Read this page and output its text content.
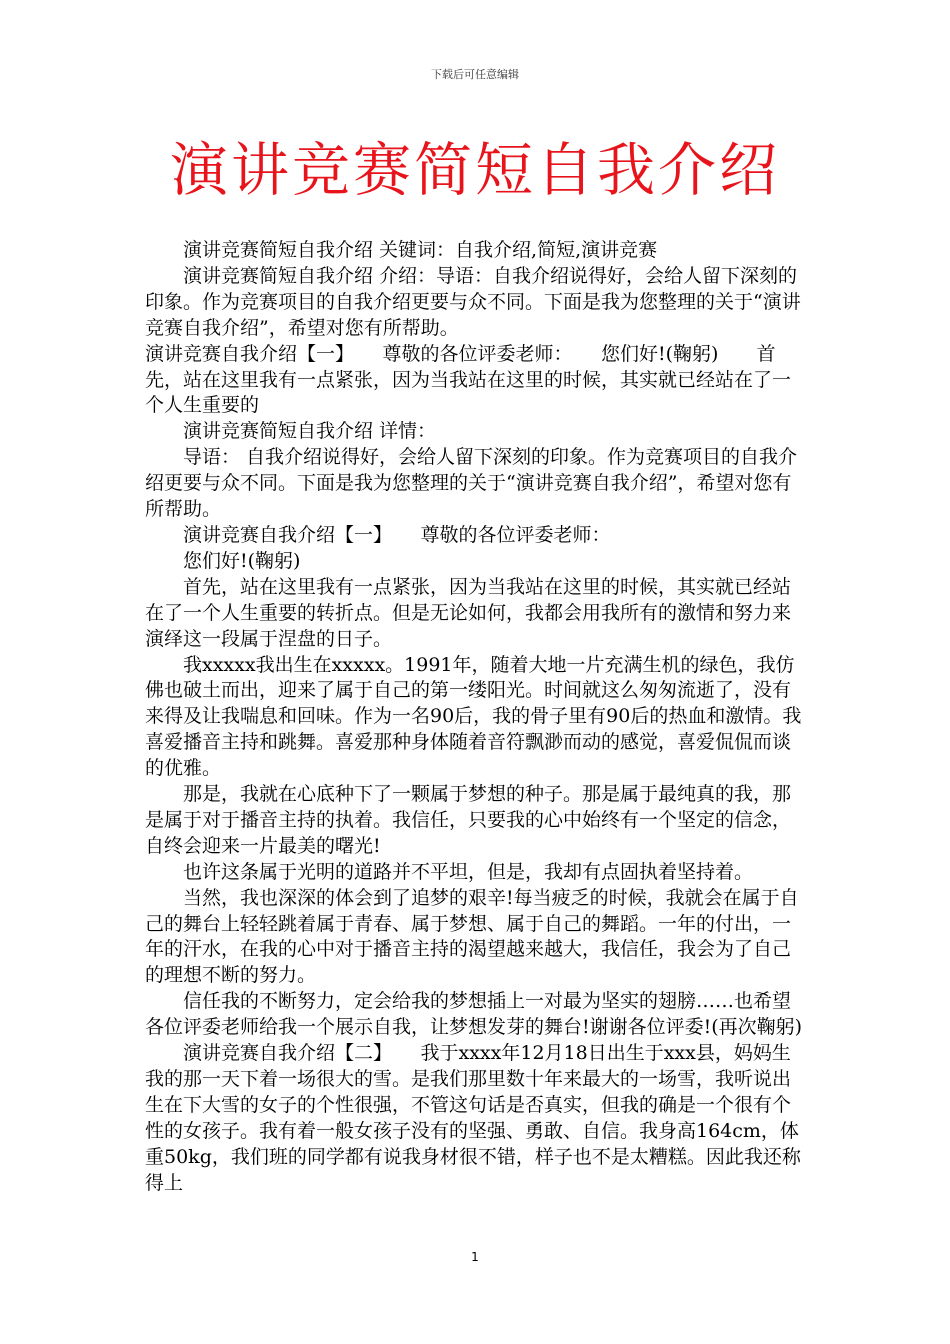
下载后可任意编辑
演讲竞赛简短自我介绍

演讲竞赛简短自我介绍 关键词：自我介绍,简短,演讲竞赛

演讲竞赛简短自我介绍 介绍：导语：自我介绍说得好，会给人留下深刻的印象。作为竞赛项目的自我介绍更要与众不同。下面是我为您整理的关于“演讲竞赛自我介绍”，希望对您有所帮助。

演讲竞赛自我介绍【一】　　尊敬的各位评委老师：　　您们好!(鞠躬)　　首先，站在这里我有一点紧张，因为当我站在这里的时候，其实就已经站在了一个人生重要的

演讲竞赛简短自我介绍 详情：

导语： 自我介绍说得好，会给人留下深刻的印象。作为竞赛项目的自我介绍更要与众不同。下面是我为您整理的关于“演讲竞赛自我介绍”，希望对您有所帮助。

演讲竞赛自我介绍【一】　　尊敬的各位评委老师：

您们好!(鞠躬)

首先，站在这里我有一点紧张，因为当我站在这里的时候，其实就已经站在了一个人生重要的转折点。但是无论如何，我都会用我所有的激情和努力来演绎这一段属于涅盘的日子。

我xxxxx我出生在xxxxx。1991年，随着大地一片充满生机的绿色，我仿佛也破土而出，迎来了属于自己的第一缕阳光。时间就这么匆匆流逝了，没有来得及让我喘息和回味。作为一名90后，我的骨子里有90后的热血和激情。我喜爱播音主持和跳舞。喜爱那种身体随着音符飘渺而动的感觉，喜爱侃侃而谈的优雅。

那是，我就在心底种下了一颗属于梦想的种子。那是属于最纯真的我，那是属于对于播音主持的执着。我信任，只要我的心中始终有一个坚定的信念，自终会迎来一片最美的曙光!

也许这条属于光明的道路并不平坦，但是，我却有点固执着坚持着。

当然，我也深深的体会到了追梦的艰辛!每当疲乏的时候，我就会在属于自己的舞台上轻轻跳着属于青春、属于梦想、属于自己的舞蹈。一年的付出，一年的汗水，在我的心中对于播音主持的渴望越来越大，我信任，我会为了自己的理想不断的努力。

信任我的不断努力，定会给我的梦想插上一对最为坚实的翅膀……也希望各位评委老师给我一个展示自我，让梦想发芽的舞台!谢谢各位评委!(再次鞠躬)

演讲竞赛自我介绍【二】　　我于xxxx年12月18日出生于xxx县，妈妈生我的那一天下着一场很大的雪。是我们那里数十年来最大的一场雪，我听说出生在下大雪的女子的个性很强，不管这句话是否真实，但我的确是一个很有个性的女孩子。我有着一般女孩子没有的坚强、勇敢、自信。我身高164cm，体重50kg，我们班的同学都有说我身材很不错，样子也不是太糟糕。因此我还称得上

1
